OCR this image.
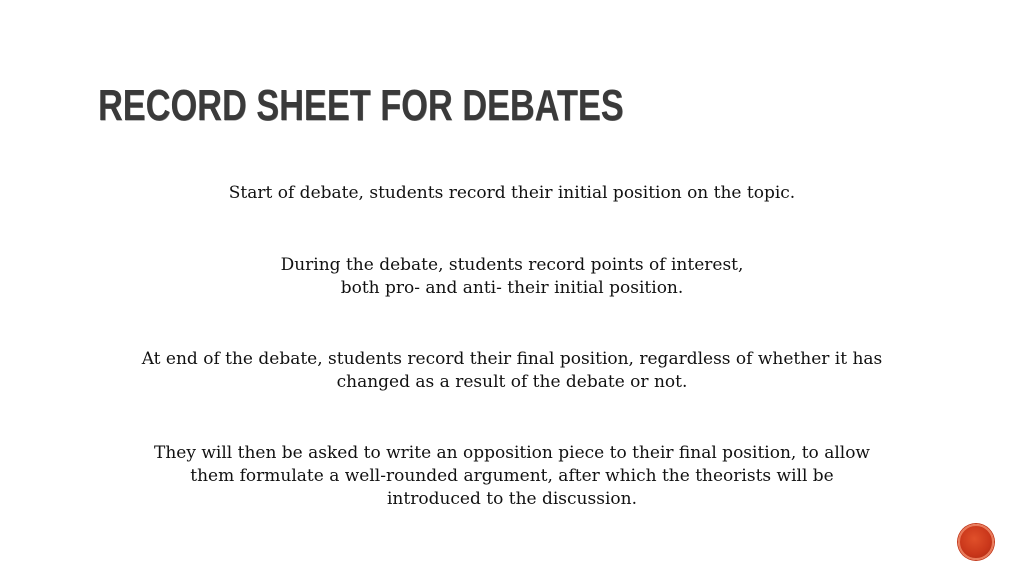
RECORD SHEET FOR DEBATES

Start of debate, students record their initial position on the topic.

During the debate, students record points of interest,
both pro- and anti- their initial position.

At end of the debate, students record their final position, regardless of whether it has
changed as a result of the debate or not.

They will then be asked to write an opposition piece to their final position, to allow
them formulate a well-rounded argument, after which the theorists will be
introduced to the discussion.
